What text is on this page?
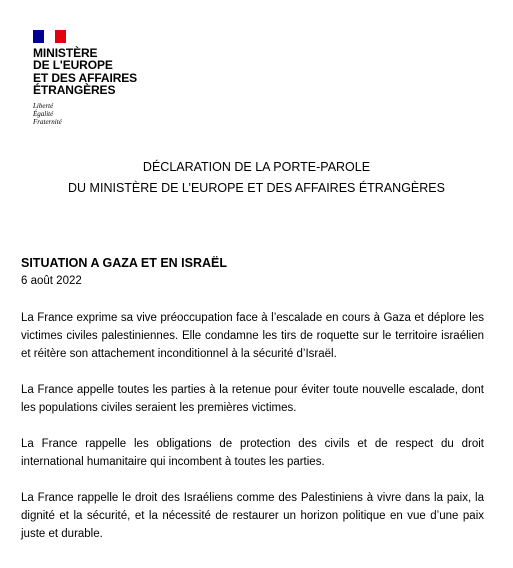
MINISTÈRE
DE L'EUROPE
ET DES AFFAIRES
ÉTRANGÈRES
Liberté
Égalité
Fraternité
DÉCLARATION DE LA PORTE-PAROLE
DU MINISTÈRE DE L’EUROPE ET DES AFFAIRES ÉTRANGÈRES
SITUATION A GAZA ET EN ISRAËL
6 août 2022

La France exprime sa vive préoccupation face à l’escalade en cours à Gaza et déplore les victimes civiles palestiniennes. Elle condamne les tirs de roquette sur le territoire israélien et réitère son attachement inconditionnel à la sécurité d’Israël.

La France appelle toutes les parties à la retenue pour éviter toute nouvelle escalade, dont les populations civiles seraient les premières victimes.

La France rappelle les obligations de protection des civils et de respect du droit international humanitaire qui incombent à toutes les parties.

La France rappelle le droit des Israéliens comme des Palestiniens à vivre dans la paix, la dignité et la sécurité, et la nécessité de restaurer un horizon politique en vue d’une paix juste et durable.
